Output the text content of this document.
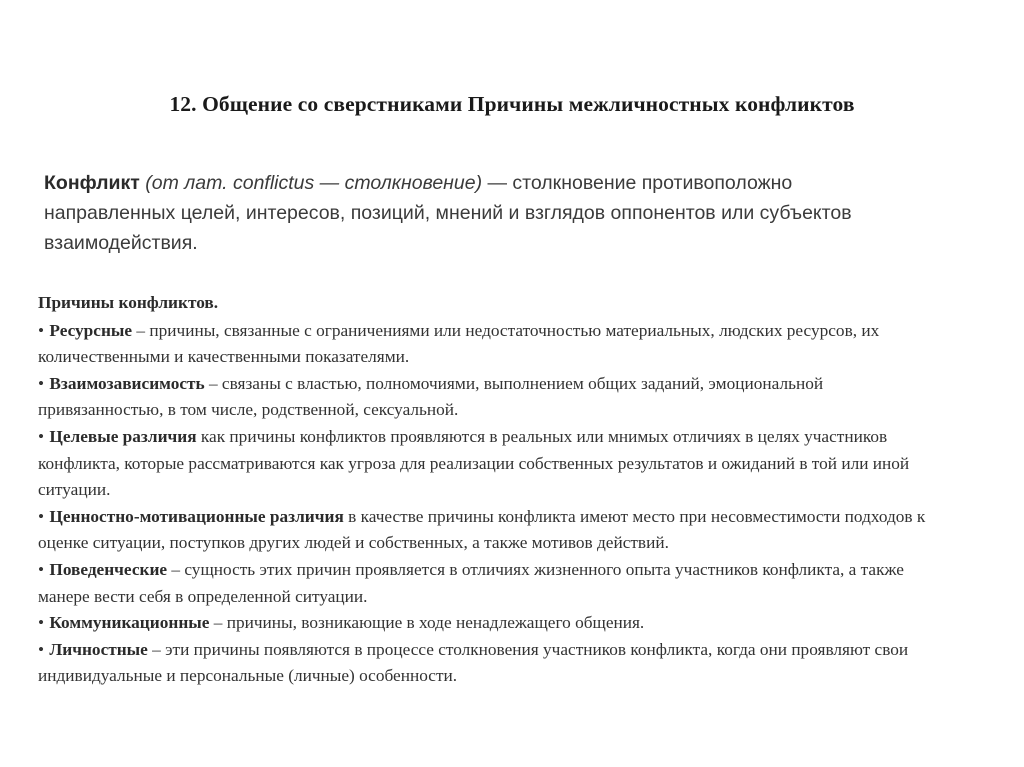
12. Общение со сверстниками Причины межличностных конфликтов
Конфликт (от лат. conflictus — столкновение) — столкновение противоположно направленных целей, интересов, позиций, мнений и взглядов оппонентов или субъектов взаимодействия.
Причины конфликтов.
• Ресурсные – причины, связанные с ограничениями или недостаточностью материальных, людских ресурсов, их количественными и качественными показателями.
• Взаимозависимость – связаны с властью, полномочиями, выполнением общих заданий, эмоциональной привязанностью, в том числе, родственной, сексуальной.
• Целевые различия как причины конфликтов проявляются в реальных или мнимых отличиях в целях участников конфликта, которые рассматриваются как угроза для реализации собственных результатов и ожиданий в той или иной ситуации.
• Ценностно-мотивационные различия в качестве причины конфликта имеют место при несовместимости подходов к оценке ситуации, поступков других людей и собственных, а также мотивов действий.
• Поведенческие – сущность этих причин проявляется в отличиях жизненного опыта участников конфликта, а также манере вести себя в определенной ситуации.
• Коммуникационные – причины, возникающие в ходе ненадлежащего общения.
• Личностные – эти причины появляются в процессе столкновения участников конфликта, когда они проявляют свои индивидуальные и персональные (личные) особенности.
